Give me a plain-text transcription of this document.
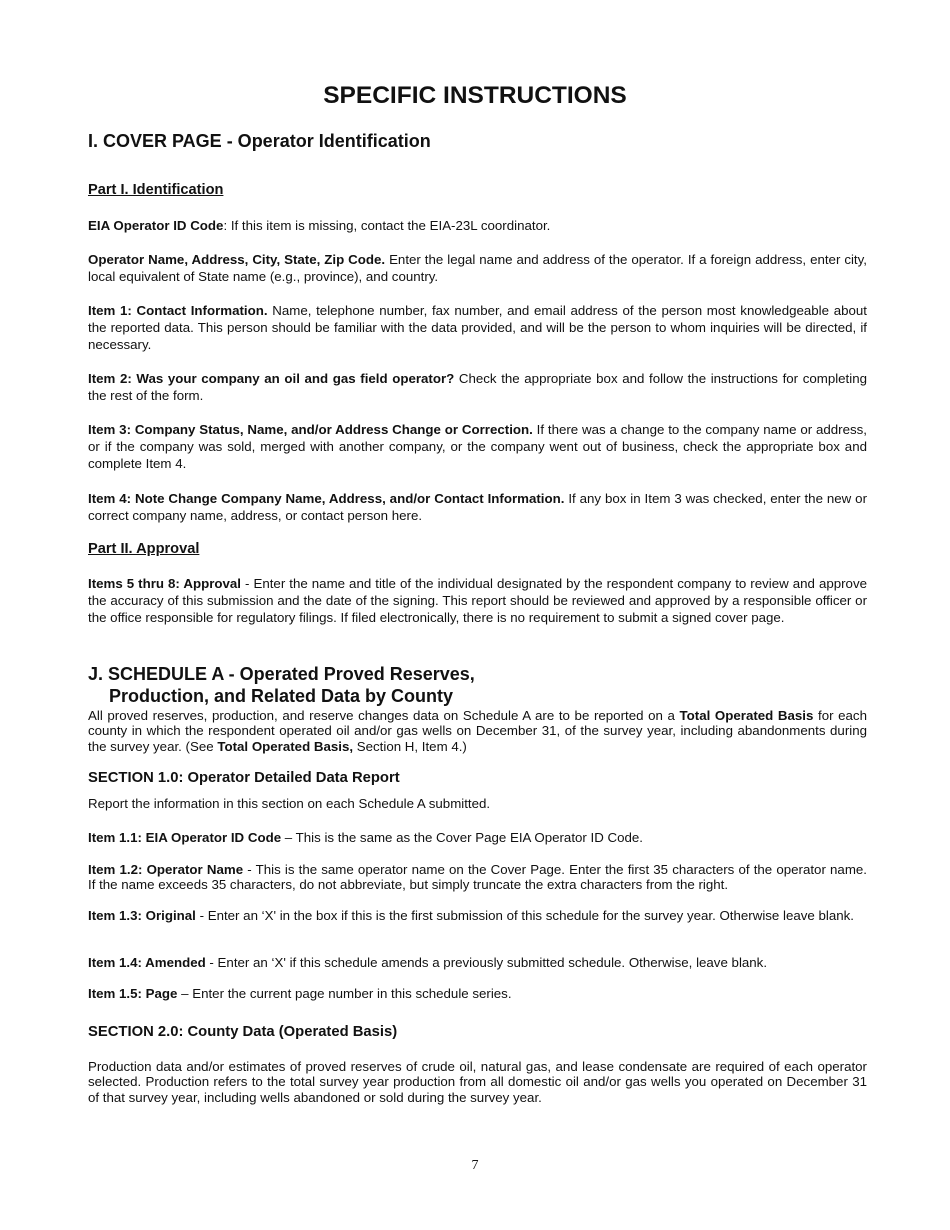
SPECIFIC INSTRUCTIONS
I. COVER PAGE - Operator Identification
Part I. Identification

EIA Operator ID Code: If this item is missing, contact the EIA-23L coordinator.

Operator Name, Address, City, State, Zip Code. Enter the legal name and address of the operator. If a foreign address, enter city, local equivalent of State name (e.g., province), and country.

Item 1: Contact Information. Name, telephone number, fax number, and email address of the person most knowledgeable about the reported data. This person should be familiar with the data provided, and will be the person to whom inquiries will be directed, if necessary.

Item 2: Was your company an oil and gas field operator? Check the appropriate box and follow the instructions for completing the rest of the form.

Item 3: Company Status, Name, and/or Address Change or Correction. If there was a change to the company name or address, or if the company was sold, merged with another company, or the company went out of business, check the appropriate box and complete Item 4.

Item 4: Note Change Company Name, Address, and/or Contact Information. If any box in Item 3 was checked, enter the new or correct company name, address, or contact person here.

Part II. Approval

Items 5 thru 8: Approval - Enter the name and title of the individual designated by the respondent company to review and approve the accuracy of this submission and the date of the signing. This report should be reviewed and approved by a responsible officer or the office responsible for regulatory filings. If filed electronically, there is no requirement to submit a signed cover page.

J. SCHEDULE A - Operated Proved Reserves,
Production, and Related Data by County

All proved reserves, production, and reserve changes data on Schedule A are to be reported on a Total Operated Basis for each county in which the respondent operated oil and/or gas wells on December 31, of the survey year, including abandonments during the survey year. (See Total Operated Basis, Section H, Item 4.)

SECTION 1.0: Operator Detailed Data Report

Report the information in this section on each Schedule A submitted.

Item 1.1: EIA Operator ID Code – This is the same as the Cover Page EIA Operator ID Code.

Item 1.2: Operator Name - This is the same operator name on the Cover Page. Enter the first 35 characters of the operator name. If the name exceeds 35 characters, do not abbreviate, but simply truncate the extra characters from the right.

Item 1.3: Original - Enter an ‘X' in the box if this is the first submission of this schedule for the survey year. Otherwise leave blank.

Item 1.4: Amended - Enter an ‘X' if this schedule amends a previously submitted schedule. Otherwise, leave blank.

Item 1.5: Page – Enter the current page number in this schedule series.

SECTION 2.0: County Data (Operated Basis)

Production data and/or estimates of proved reserves of crude oil, natural gas, and lease condensate are required of each operator selected. Production refers to the total survey year production from all domestic oil and/or gas wells you operated on December 31 of that survey year, including wells abandoned or sold during the survey year.

7
